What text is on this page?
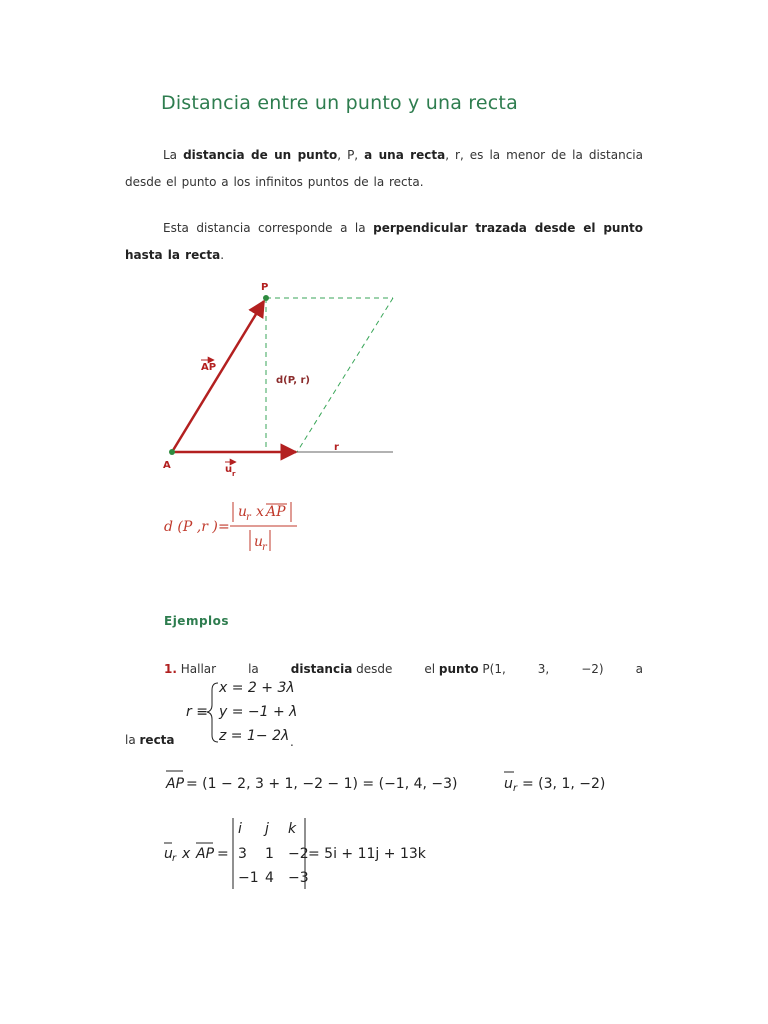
Distancia entre un punto y una recta

La distancia de un punto, P, a una recta, r, es la menor de la distancia desde el punto a los infinitos puntos de la recta.

Esta distancia corresponde a la perpendicular trazada desde el punto hasta la recta.

P
A
AP
d(P, r)
r
u r
d (P ,r ) =
u
r x AP
u
r
r ≡
x = 2 + 3λ
y = −1 + λ
z = 1− 2λ
AP = (1 − 2, 3 + 1, −2 − 1) = (−1, 4, −3)	u r = (3, 1, −2)
u r x AP =
i j k
3 1 −2
−1 4 −3
= 5i + 11j + 13k
Ejemplos
1. Hallar	la	distancia desde	el punto P(1,	3,	−2)	a
la recta	.
